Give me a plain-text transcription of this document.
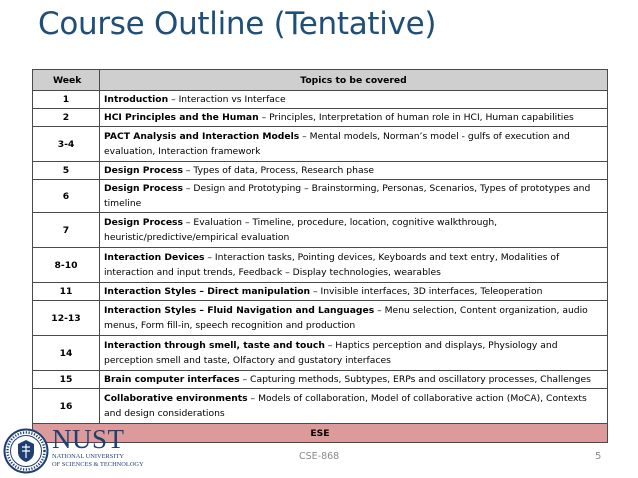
Course Outline (Tentative)
Week	Topics to be covered
1	Introduction – Interaction vs Interface
2	HCI Principles and the Human – Principles, Interpretation of human role in HCI, Human capabilities
3-4	PACT Analysis and Interaction Models – Mental models, Norman’s model - gulfs of execution and evaluation, Interaction framework
5	Design Process – Types of data, Process, Research phase
6	Design Process – Design and Prototyping – Brainstorming, Personas, Scenarios, Types of prototypes and timeline
7	Design Process – Evaluation – Timeline, procedure, location, cognitive walkthrough, heuristic/predictive/empirical evaluation
8-10	Interaction Devices – Interaction tasks, Pointing devices, Keyboards and text entry, Modalities of interaction and input trends, Feedback – Display technologies, wearables
11	Interaction Styles – Direct manipulation – Invisible interfaces, 3D interfaces, Teleoperation
12-13	Interaction Styles – Fluid Navigation and Languages – Menu selection, Content organization, audio menus, Form fill-in, speech recognition and production
14	Interaction through smell, taste and touch – Haptics perception and displays, Physiology and perception smell and taste, Olfactory and gustatory interfaces
15	Brain computer interfaces – Capturing methods, Subtypes, ERPs and oscillatory processes, Challenges
16	Collaborative environments – Models of collaboration, Model of collaborative action (MoCA), Contexts and design considerations
ESE	
NUST
NATIONAL UNIVERSITY
OF SCIENCES & TECHNOLOGY
CSE-868	5
